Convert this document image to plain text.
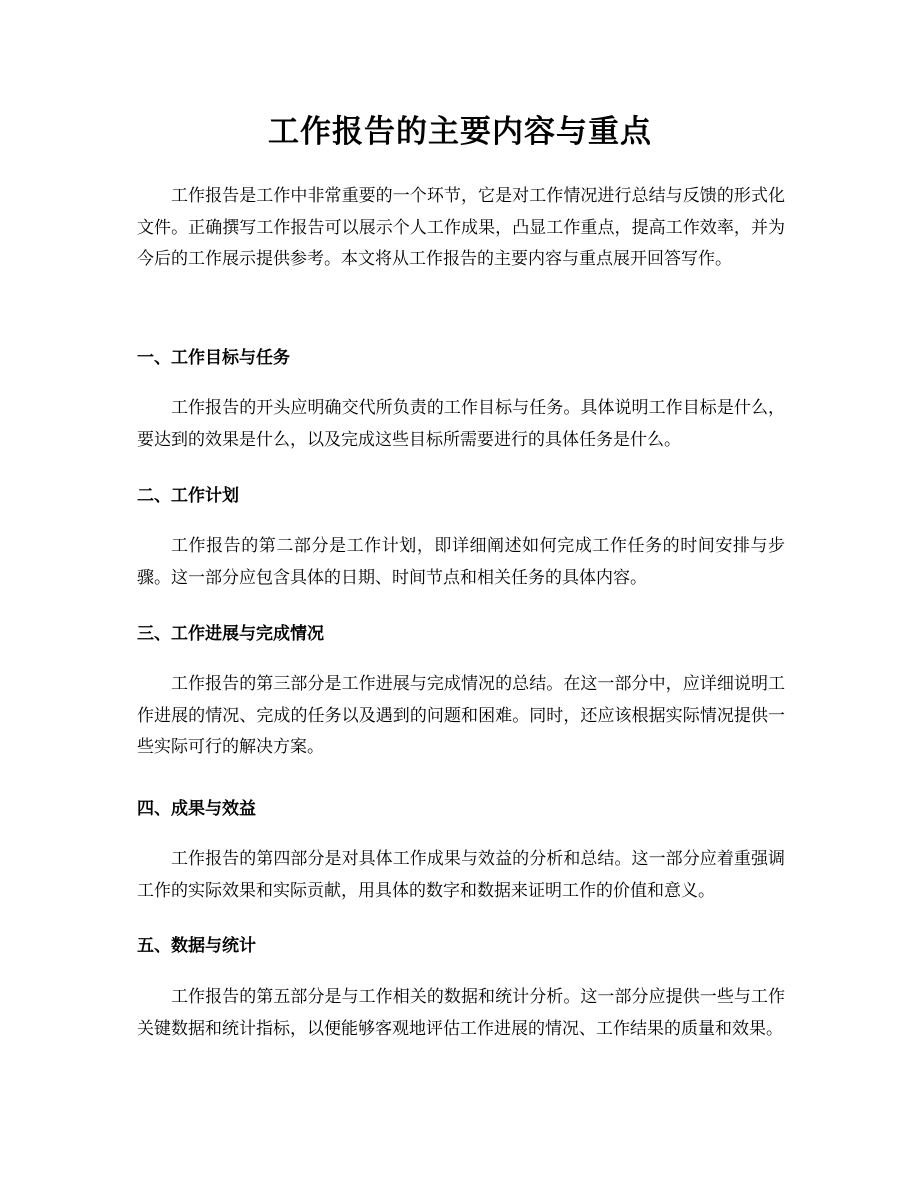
工作报告的主要内容与重点

工作报告是工作中非常重要的一个环节，它是对工作情况进行总结与反馈的形式化文件。正确撰写工作报告可以展示个人工作成果，凸显工作重点，提高工作效率，并为今后的工作展示提供参考。本文将从工作报告的主要内容与重点展开回答写作。

一、工作目标与任务

工作报告的开头应明确交代所负责的工作目标与任务。具体说明工作目标是什么，要达到的效果是什么，以及完成这些目标所需要进行的具体任务是什么。

二、工作计划

工作报告的第二部分是工作计划，即详细阐述如何完成工作任务的时间安排与步骤。这一部分应包含具体的日期、时间节点和相关任务的具体内容。

三、工作进展与完成情况

工作报告的第三部分是工作进展与完成情况的总结。在这一部分中，应详细说明工作进展的情况、完成的任务以及遇到的问题和困难。同时，还应该根据实际情况提供一些实际可行的解决方案。

四、成果与效益

工作报告的第四部分是对具体工作成果与效益的分析和总结。这一部分应着重强调工作的实际效果和实际贡献，用具体的数字和数据来证明工作的价值和意义。

五、数据与统计

工作报告的第五部分是与工作相关的数据和统计分析。这一部分应提供一些与工作关键数据和统计指标，以便能够客观地评估工作进展的情况、工作结果的质量和效果。
